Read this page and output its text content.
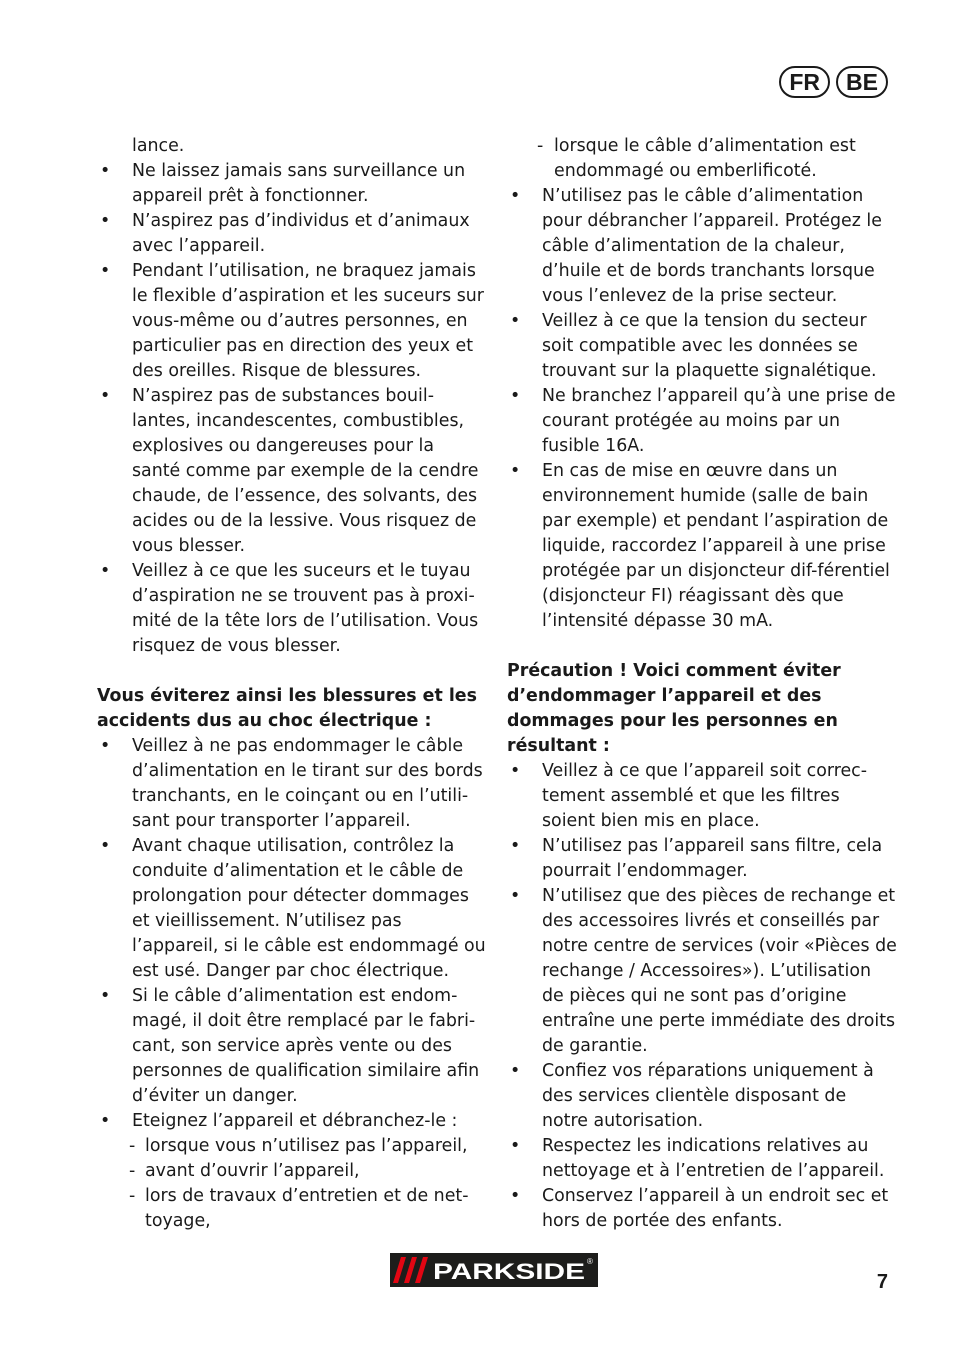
FR	BE

lance.

• Ne laissez jamais sans surveillance un appareil prêt à fonctionner.

• N’aspirez pas d’individus et d’animaux avec l’appareil.

• Pendant l’utilisation, ne braquez jamais le flexible d’aspiration et les suceurs sur vous-même ou d’autres personnes, en particulier pas en direction des yeux et des oreilles. Risque de blessures.

• N’aspirez pas de substances bouil-lantes, incandescentes, combustibles, explosives ou dangereuses pour la santé comme par exemple de la cendre chaude, de l’essence, des solvants, des acides ou de la lessive. Vous risquez de vous blesser.

• Veillez à ce que les suceurs et le tuyau d’aspiration ne se trouvent pas à proxi-mité de la tête lors de l’utilisation. Vous risquez de vous blesser.

Vous éviterez ainsi les blessures et les accidents dus au choc électrique :

• Veillez à ne pas endommager le câble d’alimentation en le tirant sur des bords tranchants, en le coinçant ou en l’utili-sant pour transporter l’appareil.

• Avant chaque utilisation, contrôlez la conduite d’alimentation et le câble de prolongation pour détecter dommages et vieillissement. N’utilisez pas l’appareil, si le câble est endommagé ou est usé. Danger par choc électrique.

• Si le câble d’alimentation est endom-magé, il doit être remplacé par le fabri-cant, son service après vente ou des personnes de qualification similaire afin d’éviter un danger.

• Eteignez l’appareil et débranchez-le :

- lorsque vous n’utilisez pas l’appareil,

- avant d’ouvrir l’appareil,

- lors de travaux d’entretien et de net-toyage,

- lorsque le câble d’alimentation est endommagé ou emberlificoté.

• N’utilisez pas le câble d’alimentation pour débrancher l’appareil. Protégez le câble d’alimentation de la chaleur, d’huile et de bords tranchants lorsque vous l’enlevez de la prise secteur.

• Veillez à ce que la tension du secteur soit compatible avec les données se trouvant sur la plaquette signalétique.

• Ne branchez l’appareil qu’à une prise de courant protégée au moins par un fusible 16A.

• En cas de mise en œuvre dans un environnement humide (salle de bain par exemple) et pendant l’aspiration de liquide, raccordez l’appareil à une prise protégée par un disjoncteur dif-férentiel (disjoncteur FI) réagissant dès que l’intensité dépasse 30 mA.

Précaution ! Voici comment éviter d’endommager l’appareil et des dommages pour les personnes en résultant :

• Veillez à ce que l’appareil soit correc-tement assemblé et que les filtres soient bien mis en place.

• N’utilisez pas l’appareil sans filtre, cela pourrait l’endommager.

• N’utilisez que des pièces de rechange et des accessoires livrés et conseillés par notre centre de services (voir «Pièces de rechange / Accessoires»). L’utilisation de pièces qui ne sont pas d’origine entraîne une perte immédiate des droits de garantie.

• Confiez vos réparations uniquement à des services clientèle disposant de notre autorisation.

• Respectez les indications relatives au nettoyage et à l’entretien de l’appareil.

• Conservez l’appareil à un endroit sec et hors de portée des enfants.

PARKSIDE ®
7
